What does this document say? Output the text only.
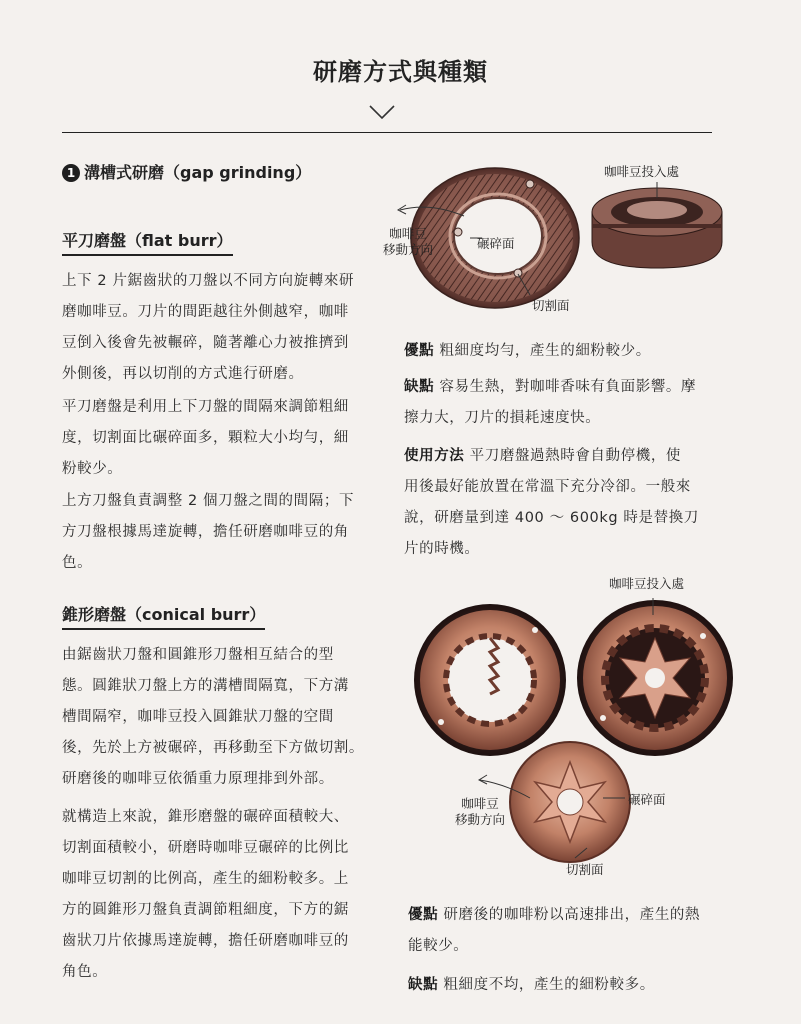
研磨方式與種類
1 溝槽式研磨（gap grinding）
平刀磨盤（flat burr）
上下 2 片鋸齒狀的刀盤以不同方向旋轉來研
磨咖啡豆。刀片的間距越往外側越窄，咖啡
豆倒入後會先被輾碎，隨著離心力被推擠到
外側後，再以切削的方式進行研磨。
平刀磨盤是利用上下刀盤的間隔來調節粗細
度，切割面比碾碎面多，顆粒大小均勻，細
粉較少。
上方刀盤負責調整 2 個刀盤之間的間隔；下
方刀盤根據馬達旋轉，擔任研磨咖啡豆的角
色。
咖啡豆投入處
咖啡豆
移動方向	碾碎面
切割面
優點 粗細度均勻，產生的細粉較少。
缺點 容易生熱，對咖啡香味有負面影響。摩
擦力大，刀片的損耗速度快。
使用方法 平刀磨盤過熱時會自動停機，使
用後最好能放置在常溫下充分冷卻。一般來
說，研磨量到達 400 ～ 600kg 時是替換刀
片的時機。
錐形磨盤（conical burr）
由鋸齒狀刀盤和圓錐形刀盤相互結合的型
態。圓錐狀刀盤上方的溝槽間隔寬，下方溝
槽間隔窄，咖啡豆投入圓錐狀刀盤的空間
後，先於上方被碾碎，再移動至下方做切割。
研磨後的咖啡豆依循重力原理排到外部。
就構造上來說，錐形磨盤的碾碎面積較大、
切割面積較小，研磨時咖啡豆碾碎的比例比
咖啡豆切割的比例高，產生的細粉較多。上
方的圓錐形刀盤負責調節粗細度，下方的鋸
齒狀刀片依據馬達旋轉，擔任研磨咖啡豆的
角色。
咖啡豆投入處
咖啡豆
移動方向
碾碎面
切割面
優點 研磨後的咖啡粉以高速排出，產生的熱
能較少。
缺點 粗細度不均，產生的細粉較多。
